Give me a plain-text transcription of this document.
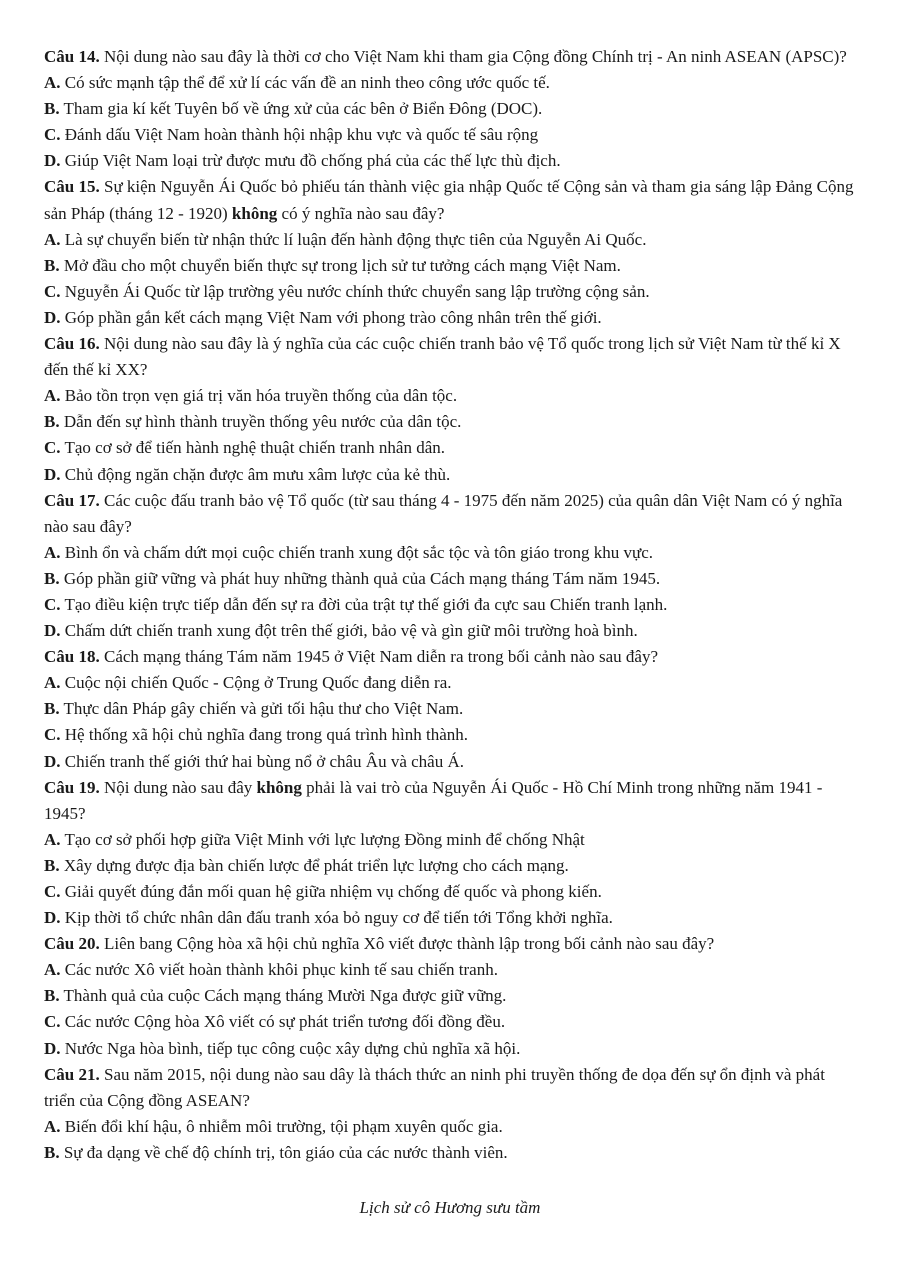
Câu 14. Nội dung nào sau đây là thời cơ cho Việt Nam khi tham gia Cộng đồng Chính trị - An ninh ASEAN (APSC)?

A. Có sức mạnh tập thể để xử lí các vấn đề an ninh theo công ước quốc tế.

B. Tham gia kí kết Tuyên bố về ứng xử của các bên ở Biển Đông (DOC).

C. Đánh dấu Việt Nam hoàn thành hội nhập khu vực và quốc tế sâu rộng

D. Giúp Việt Nam loại trừ được mưu đồ chống phá của các thế lực thù địch.

Câu 15. Sự kiện Nguyễn Ái Quốc bỏ phiếu tán thành việc gia nhập Quốc tế Cộng sản và tham gia sáng lập Đảng Cộng sản Pháp (tháng 12 - 1920) không có ý nghĩa nào sau đây?

A. Là sự chuyển biến từ nhận thức lí luận đến hành động thực tiên của Nguyễn Ai Quốc.

B. Mở đầu cho một chuyển biến thực sự trong lịch sử tư tưởng cách mạng Việt Nam.

C. Nguyễn Ái Quốc từ lập trường yêu nước chính thức chuyển sang lập trường cộng sản.

D. Góp phần gắn kết cách mạng Việt Nam với phong trào công nhân trên thế giới.

Câu 16. Nội dung nào sau đây là ý nghĩa của các cuộc chiến tranh bảo vệ Tổ quốc trong lịch sử Việt Nam từ thế kỉ X đến thế kỉ XX?

A. Bảo tồn trọn vẹn giá trị văn hóa truyền thống của dân tộc.

B. Dẫn đến sự hình thành truyền thống yêu nước của dân tộc.

C. Tạo cơ sở để tiến hành nghệ thuật chiến tranh nhân dân.

D. Chủ động ngăn chặn được âm mưu xâm lược của kẻ thù.

Câu 17. Các cuộc đấu tranh bảo vệ Tổ quốc (từ sau tháng 4 - 1975 đến năm 2025) của quân dân Việt Nam có ý nghĩa nào sau đây?

A. Bình ổn và chấm dứt mọi cuộc chiến tranh xung đột sắc tộc và tôn giáo trong khu vực.

B. Góp phần giữ vững và phát huy những thành quả của Cách mạng tháng Tám năm 1945.

C. Tạo điều kiện trực tiếp dẫn đến sự ra đời của trật tự thế giới đa cực sau Chiến tranh lạnh.

D. Chấm dứt chiến tranh xung đột trên thế giới, bảo vệ và gìn giữ môi trường hoà bình.

Câu 18. Cách mạng tháng Tám năm 1945 ở Việt Nam diễn ra trong bối cảnh nào sau đây?

A. Cuộc nội chiến Quốc - Cộng ở Trung Quốc đang diễn ra.

B. Thực dân Pháp gây chiến và gửi tối hậu thư cho Việt Nam.

C. Hệ thống xã hội chủ nghĩa đang trong quá trình hình thành.

D. Chiến tranh thế giới thứ hai bùng nổ ở châu Âu và châu Á.

Câu 19. Nội dung nào sau đây không phải là vai trò của Nguyễn Ái Quốc - Hồ Chí Minh trong những năm 1941 - 1945?

A. Tạo cơ sở phối hợp giữa Việt Minh với lực lượng Đồng minh để chống Nhật

B. Xây dựng được địa bàn chiến lược để phát triển lực lượng cho cách mạng.

C. Giải quyết đúng đắn mối quan hệ giữa nhiệm vụ chống đế quốc và phong kiến.

D. Kịp thời tổ chức nhân dân đấu tranh xóa bỏ nguy cơ để tiến tới Tổng khởi nghĩa.

Câu 20. Liên bang Cộng hòa xã hội chủ nghĩa Xô viết được thành lập trong bối cảnh nào sau đây?

A. Các nước Xô viết hoàn thành khôi phục kinh tế sau chiến tranh.

B. Thành quả của cuộc Cách mạng tháng Mười Nga được giữ vững.

C. Các nước Cộng hòa Xô viết có sự phát triển tương đối đồng đều.

D. Nước Nga hòa bình, tiếp tục công cuộc xây dựng chủ nghĩa xã hội.

Câu 21. Sau năm 2015, nội dung nào sau dây là thách thức an ninh phi truyền thống đe dọa đến sự ổn định và phát triển của Cộng đồng ASEAN?

A. Biến đổi khí hậu, ô nhiễm môi trường, tội phạm xuyên quốc gia.

B. Sự đa dạng về chế độ chính trị, tôn giáo của các nước thành viên.

Lịch sử cô Hương sưu tầm
